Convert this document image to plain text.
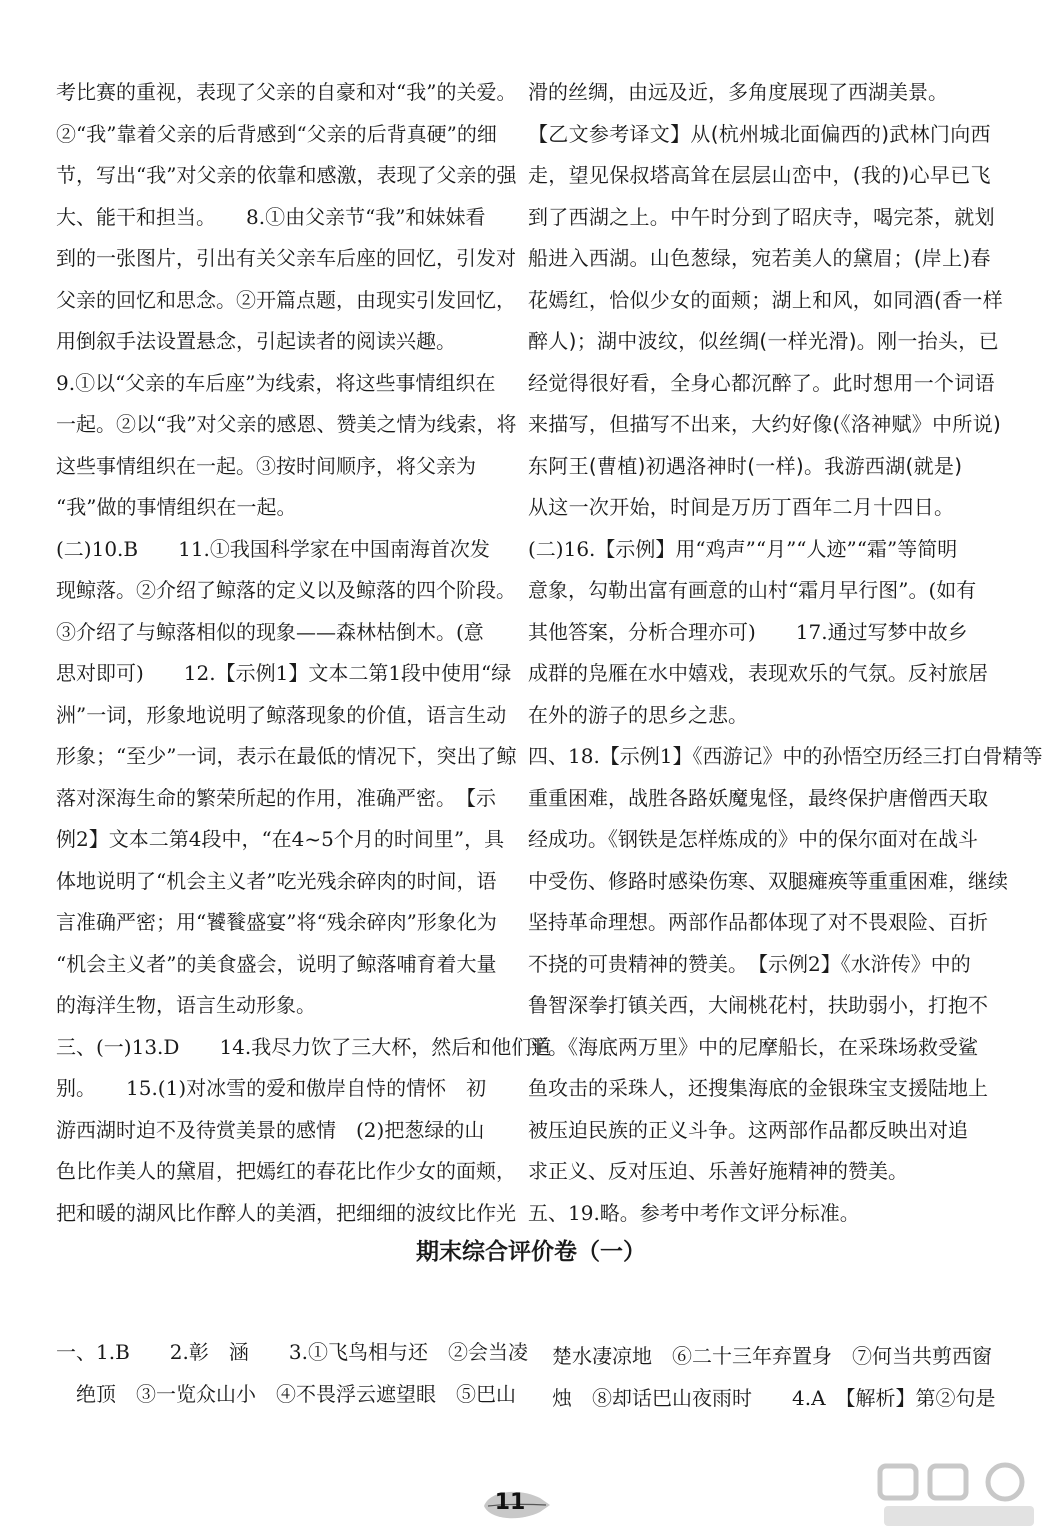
考比赛的重视，表现了父亲的自豪和对“我”的关爱。

②“我”靠着父亲的后背感到“父亲的后背真硬”的细

节，写出“我”对父亲的依靠和感激，表现了父亲的强

大、能干和担当。　　8.①由父亲节“我”和妹妹看

到的一张图片，引出有关父亲车后座的回忆，引发对

父亲的回忆和思念。②开篇点题，由现实引发回忆，

用倒叙手法设置悬念，引起读者的阅读兴趣。

9.①以“父亲的车后座”为线索，将这些事情组织在

一起。②以“我”对父亲的感恩、赞美之情为线索，将

这些事情组织在一起。③按时间顺序，将父亲为

“我”做的事情组织在一起。

(二)10.B　　11.①我国科学家在中国南海首次发

现鲸落。②介绍了鲸落的定义以及鲸落的四个阶段。

③介绍了与鲸落相似的现象——森林枯倒木。(意

思对即可)　　12.【示例1】文本二第1段中使用“绿

洲”一词，形象地说明了鲸落现象的价值，语言生动

形象；“至少”一词，表示在最低的情况下，突出了鲸

落对深海生命的繁荣所起的作用，准确严密。　【示

例2】文本二第4段中，“在4~5个月的时间里”，具

体地说明了“机会主义者”吃光残余碎肉的时间，语

言准确严密；用“饕餮盛宴”将“残余碎肉”形象化为

“机会主义者”的美食盛会，说明了鲸落哺育着大量

的海洋生物，语言生动形象。

三、(一)13.D　　14.我尽力饮了三大杯，然后和他们道

别。　　15.(1)对冰雪的爱和傲岸自恃的情怀　初

游西湖时迫不及待赏美景的感情　(2)把葱绿的山

色比作美人的黛眉，把嫣红的春花比作少女的面颊，

把和暖的湖风比作醉人的美酒，把细细的波纹比作光

滑的丝绸，由远及近，多角度展现了西湖美景。

【乙文参考译文】从(杭州城北面偏西的)武林门向西

走，望见保叔塔高耸在层层山峦中，(我的)心早已飞

到了西湖之上。中午时分到了昭庆寺，喝完茶，就划

船进入西湖。山色葱绿，宛若美人的黛眉；(岸上)春

花嫣红，恰似少女的面颊；湖上和风，如同酒(香一样

醉人)；湖中波纹，似丝绸(一样光滑)。刚一抬头，已

经觉得很好看，全身心都沉醉了。此时想用一个词语

来描写，但描写不出来，大约好像(《洛神赋》中所说)

东阿王(曹植)初遇洛神时(一样)。我游西湖(就是)

从这一次开始，时间是万历丁酉年二月十四日。

(二)16.【示例】用“鸡声”“月”“人迹”“霜”等简明

意象，勾勒出富有画意的山村“霜月早行图”。(如有

其他答案，分析合理亦可)　　17.通过写梦中故乡

成群的凫雁在水中嬉戏，表现欢乐的气氛。反衬旅居

在外的游子的思乡之悲。

四、18.【示例1】《西游记》中的孙悟空历经三打白骨精等

重重困难，战胜各路妖魔鬼怪，最终保护唐僧西天取

经成功。《钢铁是怎样炼成的》中的保尔面对在战斗

中受伤、修路时感染伤寒、双腿瘫痪等重重困难，继续

坚持革命理想。两部作品都体现了对不畏艰险、百折

不挠的可贵精神的赞美。　【示例2】《水浒传》中的

鲁智深拳打镇关西，大闹桃花村，扶助弱小，打抱不

平。《海底两万里》中的尼摩船长，在采珠场救受鲨

鱼攻击的采珠人，还搜集海底的金银珠宝支援陆地上

被压迫民族的正义斗争。这两部作品都反映出对追

求正义、反对压迫、乐善好施精神的赞美。

五、19.略。参考中考作文评分标准。

期末综合评价卷（一）

一、1.B　　2.彰　涵　　3.①飞鸟相与还　②会当凌

　绝顶　③一览众山小　④不畏浮云遮望眼　⑤巴山

楚水凄凉地　⑥二十三年弃置身　⑦何当共剪西窗

烛　⑧却话巴山夜雨时　　4.A　【解析】第②句是

11
